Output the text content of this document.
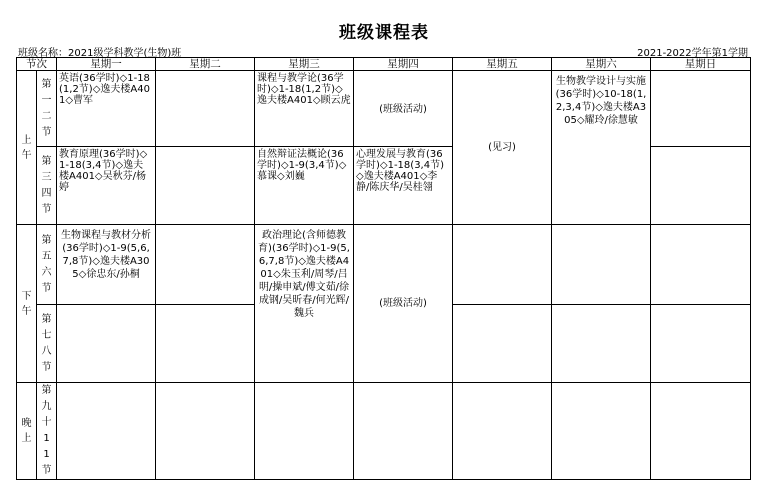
班级课程表
班级名称：2021级学科教学(生物)班	2021-2022学年第1学期
节次		星期一	星期二	星期三	星期四	星期五	星期六	星期日
上午	第一二节	英语(36学时)◇1-18(1,2节)◇逸夫楼A401◇曹军		课程与教学论(36学时)◇1-18(1,2节)◇逸夫楼A401◇顾云虎	(班级活动)	(见习)	生物教学设计与实施(36学时)◇10-18(1,2,3,4节)◇逸夫楼A305◇耀玲/徐慧敏	
	第三四节	教育原理(36学时)◇1-18(3,4节)◇逸夫楼A401◇吴秋芬/杨婷		自然辩证法概论(36学时)◇1-9(3,4节)◇慕课◇刘巍	心理发展与教育(36学时)◇1-18(3,4节)◇逸夫楼A401◇李静/陈庆华/吴桂翎			
下午	第五六节	生物课程与教材分析(36学时)◇1-9(5,6,7,8节)◇逸夫楼A305◇徐忠东/孙桐		政治理论(含师德教育)(36学时)◇1-9(5,6,7,8节)◇逸夫楼A401◇朱玉利/周琴/吕明/操申斌/傅文茹/徐成钢/吴昕春/何光辉/魏兵	(班级活动)			
	第七八节							
晚上	第九十11节							
